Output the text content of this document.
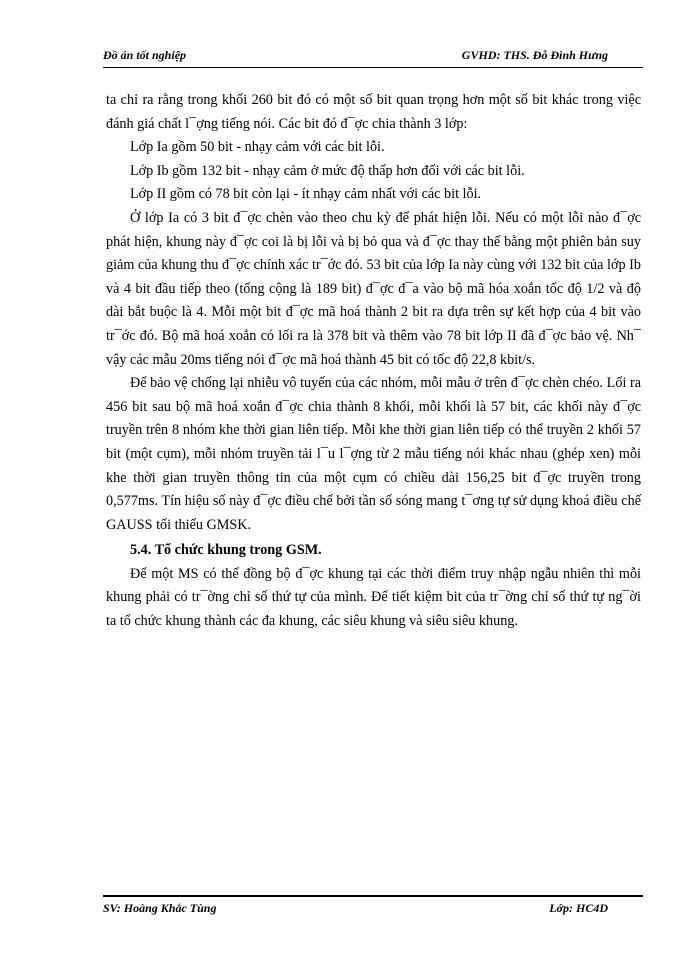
Đồ án tốt nghiệp	GVHD: THS. Đỗ Đình Hưng

ta chỉ ra rằng trong khối 260 bit đó có một số bit quan trọng hơn một số bit khác trong việc đánh giá chất l¯ợng tiếng nói. Các bit đó đ¯ợc chia thành 3 lớp:

Lớp Ia gồm 50 bit - nhạy cảm với các bit lỗi.

Lớp Ib gồm 132 bit - nhạy cảm ở mức độ thấp hơn đối với các bit lỗi.

Lớp II gồm có 78 bit còn lại - ít nhạy cảm nhất với các bit lỗi.

Ở lớp Ia có 3 bit đ¯ợc chèn vào theo chu kỳ để phát hiện lỗi. Nếu có một lỗi nào đ¯ợc phát hiện, khung này đ¯ợc coi là bị lỗi và bị bỏ qua và đ¯ợc thay thế bằng một phiên bản suy giảm của khung thu đ¯ợc chính xác tr¯ớc đó. 53 bit của lớp Ia này cùng với 132 bit của lớp Ib và 4 bit đầu tiếp theo (tổng cộng là 189 bit) đ¯ợc đ¯a vào bộ mã hóa xoắn tốc độ 1/2 và độ dài bắt buộc là 4. Mỗi một bit đ¯ợc mã hoá thành 2 bit ra dựa trên sự kết hợp của 4 bit vào tr¯ớc đó. Bộ mã hoá xoắn có lối ra là 378 bit và thêm vào 78 bit lớp II đã đ¯ợc bảo vệ. Nh¯ vậy các mẫu 20ms tiếng nói đ¯ợc mã hoá thành 45 bit có tốc độ 22,8 kbit/s.

Để bảo vệ chống lại nhiễu vô tuyến của các nhóm, mỗi mẫu ở trên đ¯ợc chèn chéo. Lối ra 456 bit sau bộ mã hoá xoắn đ¯ợc chia thành 8 khối, mỗi khối là 57 bit, các khối này đ¯ợc truyền trên 8 nhóm khe thời gian liên tiếp. Mỗi khe thời gian liên tiếp có thể truyền 2 khối 57 bit (một cụm), mỗi nhóm truyền tải l¯u l¯ợng từ 2 mẫu tiếng nói khác nhau (ghép xen) mỗi khe thời gian truyền thông tin của một cụm có chiều dài 156,25 bit đ¯ợc truyền trong 0,577ms. Tín hiệu số này đ¯ợc điều chế bởi tần số sóng mang t¯ơng tự sử dụng khoá điều chế GAUSS tối thiểu GMSK.

5.4. Tổ chức khung trong GSM.

Để một MS có thể đồng bộ đ¯ợc khung tại các thời điểm truy nhập ngẫu nhiên thì mỗi khung phải có tr¯ờng chỉ số thứ tự của mình. Để tiết kiệm bit của tr¯ờng chỉ số thứ tự ng¯ời ta tổ chức khung thành các đa khung, các siêu khung và siêu siêu khung.

SV: Hoàng Khắc Tùng	Lớp: HC4D
